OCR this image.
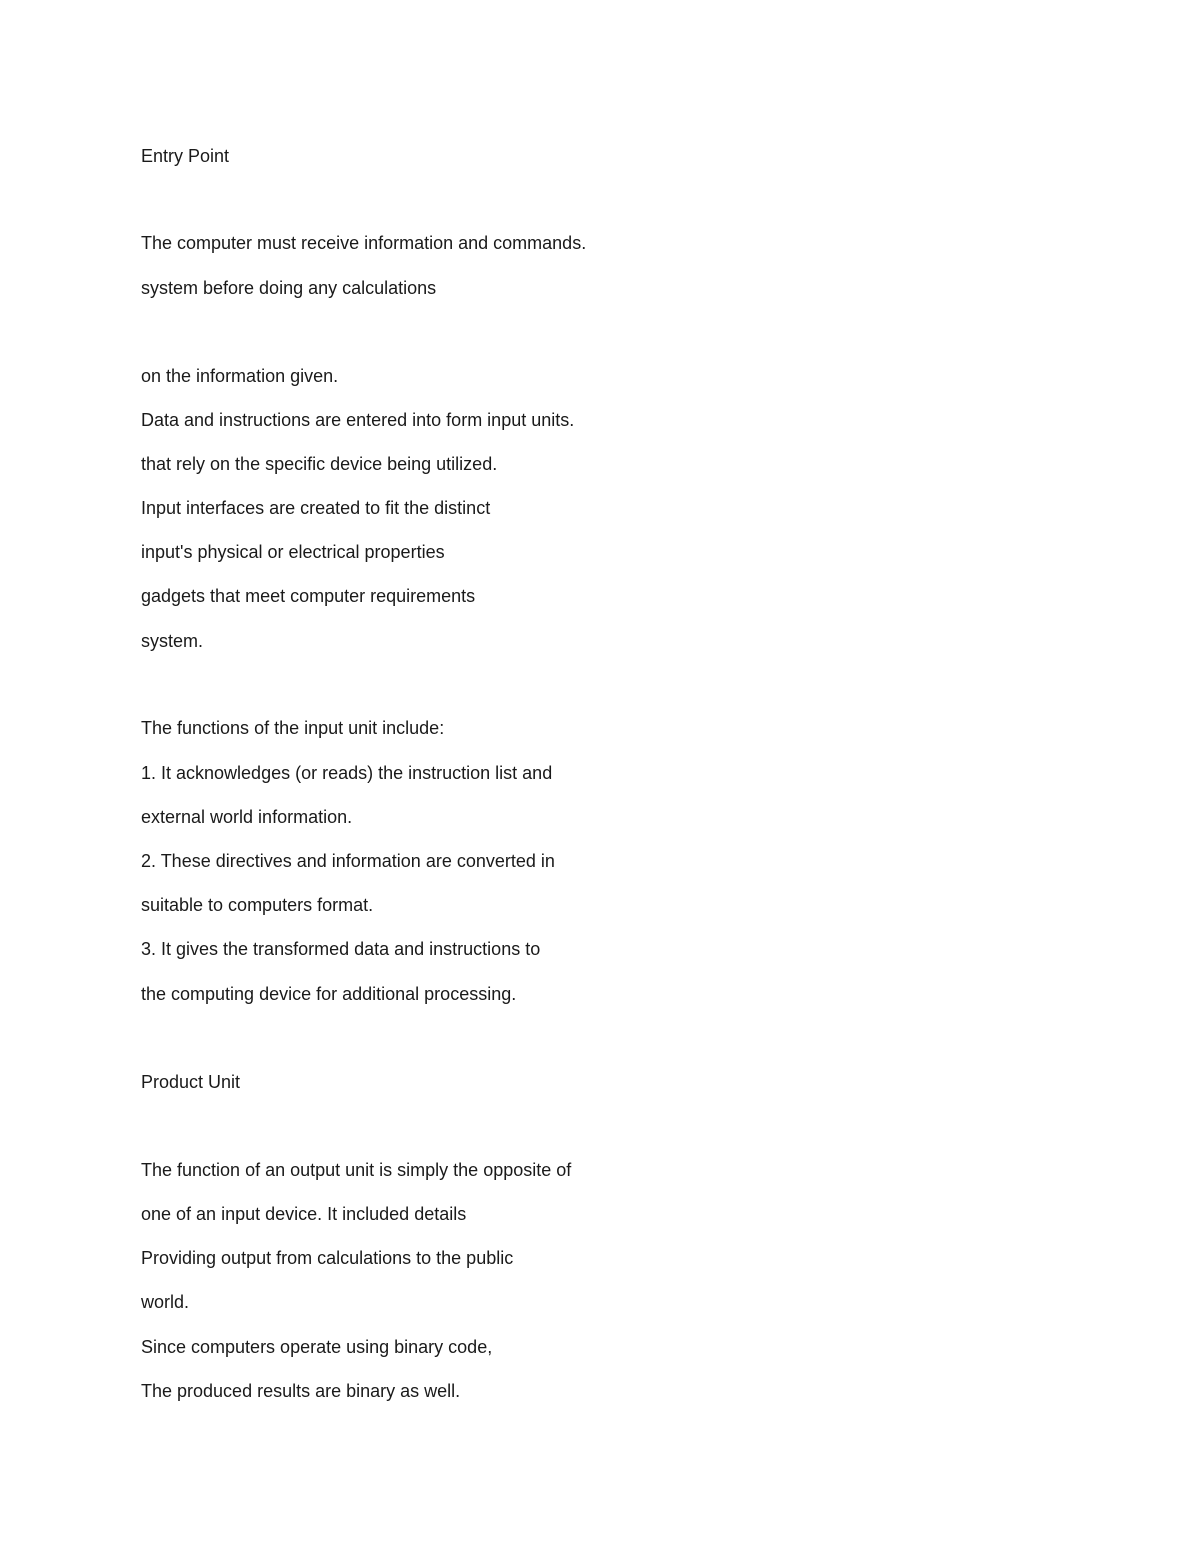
Entry Point

The computer must receive information and commands.

system before doing any calculations

on the information given.

Data and instructions are entered into form input units.

that rely on the specific device being utilized.

Input interfaces are created to fit the distinct

input's physical or electrical properties

gadgets that meet computer requirements

system.

The functions of the input unit include:

1. It acknowledges (or reads) the instruction list and

external world information.

2. These directives and information are converted in

suitable to computers format.

3. It gives the transformed data and instructions to

the computing device for additional processing.

Product Unit

The function of an output unit is simply the opposite of

one of an input device. It included details

Providing output from calculations to the public

world.

Since computers operate using binary code,

The produced results are binary as well.
